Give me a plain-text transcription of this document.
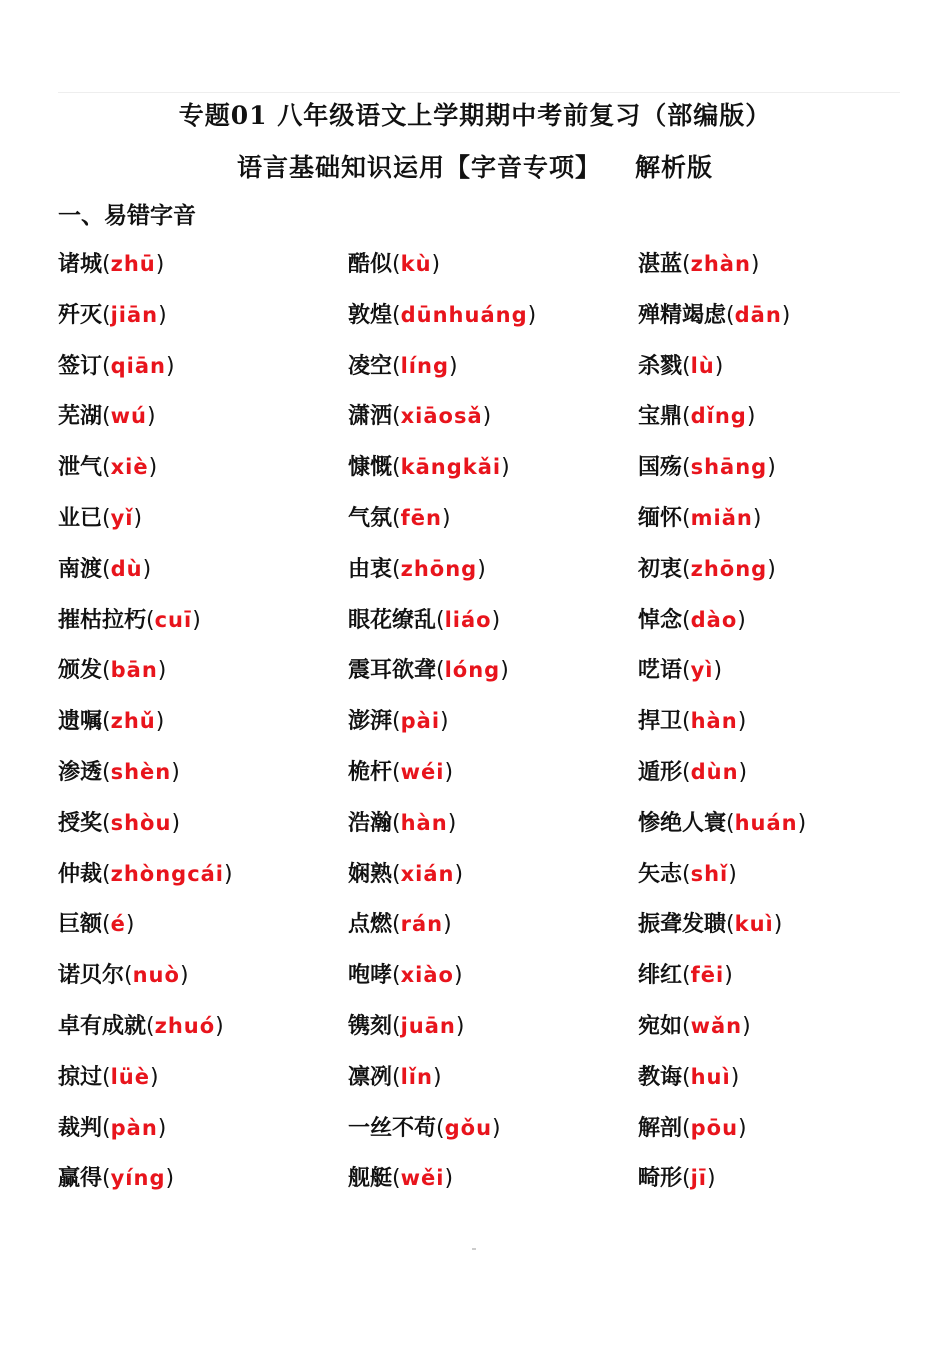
专题01 八年级语文上学期期中考前复习（部编版）
语言基础知识运用【字音专项】 解析版
一、易错字音
诸城(zhū)
歼灭(jiān)
签订(qiān)
芜湖(wú)
泄气(xiè)
业已(yǐ)
南渡(dù)
摧枯拉朽(cuī)
颁发(bān)
遗嘱(zhǔ)
渗透(shèn)
授奖(shòu)
仲裁(zhòngcái)
巨额(é)
诺贝尔(nuò)
卓有成就(zhuó)
掠过(lüè)
裁判(pàn)
赢得(yíng)
酷似(kù)
敦煌(dūnhuáng)
凌空(líng)
潇洒(xiāosǎ)
慷慨(kāngkǎi)
气氛(fēn)
由衷(zhōng)
眼花缭乱(liáo)
震耳欲聋(lóng)
澎湃(pài)
桅杆(wéi)
浩瀚(hàn)
娴熟(xián)
点燃(rán)
咆哮(xiào)
镌刻(juān)
凛冽(lǐn)
一丝不苟(gǒu)
舰艇(wěi)
湛蓝(zhàn)
殚精竭虑(dān)
杀戮(lù)
宝鼎(dǐng)
国殇(shāng)
缅怀(miǎn)
初衷(zhōng)
悼念(dào)
呓语(yì)
捍卫(hàn)
遁形(dùn)
惨绝人寰(huán)
矢志(shǐ)
振聋发聩(kuì)
绯红(fēi)
宛如(wǎn)
教诲(huì)
解剖(pōu)
畸形(jī)
